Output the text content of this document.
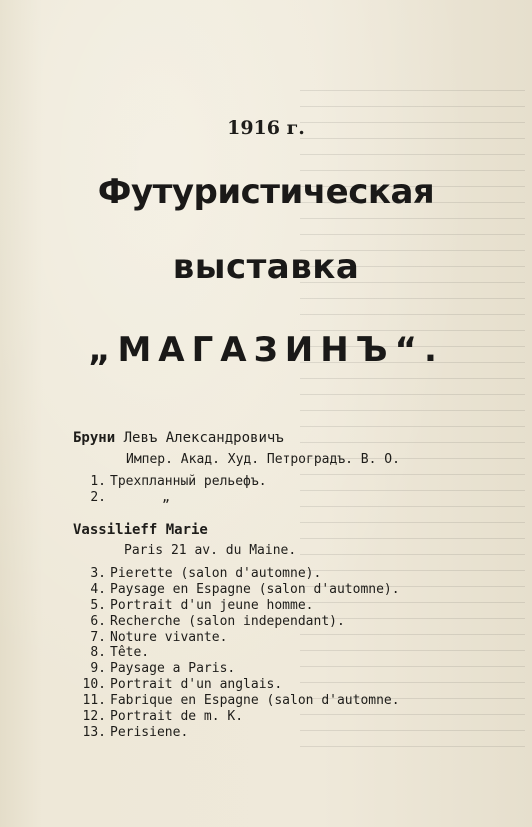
1916 г.
Футуристическая
выставка
„МАГАЗИНЪ“.
Бруни Левъ Александровичъ
Импер. Акад. Худ. Петроградъ. В. О.
1. Трехпланный рельефъ.
2.	„
Vassilieff Marie
Paris 21 av. du Maine.
3. Pierette (salon d'automne).
4. Paysage en Espagne (salon d'automne).
5. Portrait d'un jeune homme.
6. Recherche (salon independant).
7. Noture vivante.
8. Tête.
9. Paysage a Paris.
10. Portrait d'un anglais.
11. Fabrique en Espagne (salon d'automne.
12. Portrait de m. K.
13. Perisiene.
